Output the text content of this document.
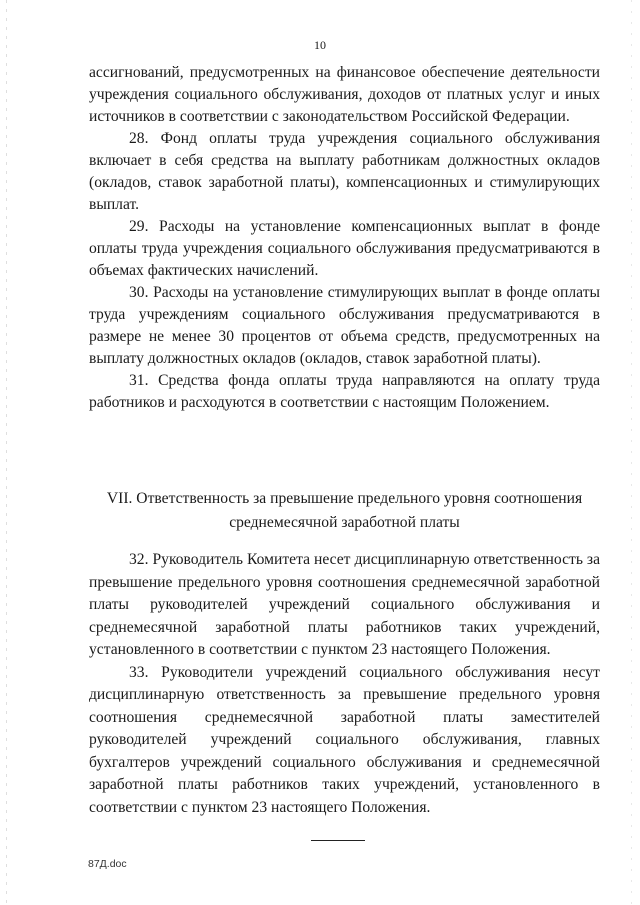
10

ассигнований, предусмотренных на финансовое обеспечение деятельности учреждения социального обслуживания, доходов от платных услуг и иных источников в соответствии с законодательством Российской Федерации.

28. Фонд оплаты труда учреждения социального обслуживания включает в себя средства на выплату работникам должностных окладов (окладов, ставок заработной платы), компенсационных и стимулирующих выплат.

29. Расходы на установление компенсационных выплат в фонде оплаты труда учреждения социального обслуживания предусматриваются в объемах фактических начислений.

30. Расходы на установление стимулирующих выплат в фонде оплаты труда учреждениям социального обслуживания предусматриваются в размере не менее 30 процентов от объема средств, предусмотренных на выплату должностных окладов (окладов, ставок заработной платы).

31. Средства фонда оплаты труда направляются на оплату труда работников и расходуются в соответствии с настоящим Положением.

VII. Ответственность за превышение предельного уровня соотношения
среднемесячной заработной платы

32. Руководитель Комитета несет дисциплинарную ответственность за превышение предельного уровня соотношения среднемесячной заработной платы руководителей учреждений социального обслуживания и среднемесячной заработной платы работников таких учреждений, установленного в соответствии с пунктом 23 настоящего Положения.

33. Руководители учреждений социального обслуживания несут дисциплинарную ответственность за превышение предельного уровня соотношения среднемесячной заработной платы заместителей руководителей учреждений социального обслуживания, главных бухгалтеров учреждений социального обслуживания и среднемесячной заработной платы работников таких учреждений, установленного в соответствии с пунктом 23 настоящего Положения.

87Д.doc
